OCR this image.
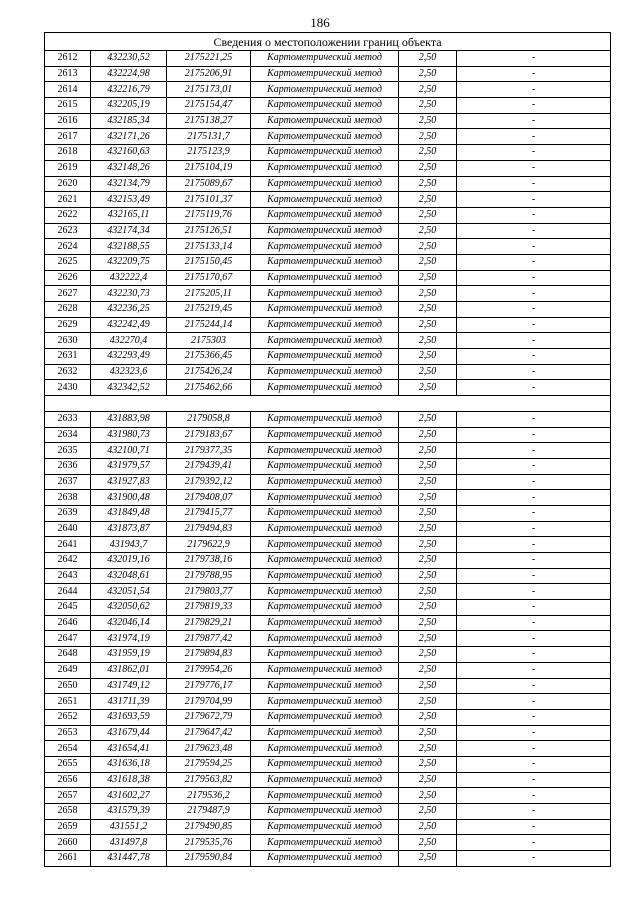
186
Сведения о местоположении границ объекта					
2612	432230,52	2175221,25	Картометрический метод	2,50	-
2613	432224,98	2175206,91	Картометрический метод	2,50	-
2614	432216,79	2175173,01	Картометрический метод	2,50	-
2615	432205,19	2175154,47	Картометрический метод	2,50	-
2616	432185,34	2175138,27	Картометрический метод	2,50	-
2617	432171,26	2175131,7	Картометрический метод	2,50	-
2618	432160,63	2175123,9	Картометрический метод	2,50	-
2619	432148,26	2175104,19	Картометрический метод	2,50	-
2620	432134,79	2175089,67	Картометрический метод	2,50	-
2621	432153,49	2175101,37	Картометрический метод	2,50	-
2622	432165,11	2175119,76	Картометрический метод	2,50	-
2623	432174,34	2175126,51	Картометрический метод	2,50	-
2624	432188,55	2175133,14	Картометрический метод	2,50	-
2625	432209,75	2175150,45	Картометрический метод	2,50	-
2626	432222,4	2175170,67	Картометрический метод	2,50	-
2627	432230,73	2175205,11	Картометрический метод	2,50	-
2628	432236,25	2175219,45	Картометрический метод	2,50	-
2629	432242,49	2175244,14	Картометрический метод	2,50	-
2630	432270,4	2175303	Картометрический метод	2,50	-
2631	432293,49	2175366,45	Картометрический метод	2,50	-
2632	432323,6	2175426,24	Картометрический метод	2,50	-
2430	432342,52	2175462,66	Картометрический метод	2,50	-

2633	431883,98	2179058,8	Картометрический метод	2,50	-
2634	431980,73	2179183,67	Картометрический метод	2,50	-
2635	432100,71	2179377,35	Картометрический метод	2,50	-
2636	431979,57	2179439,41	Картометрический метод	2,50	-
2637	431927,83	2179392,12	Картометрический метод	2,50	-
2638	431900,48	2179408,07	Картометрический метод	2,50	-
2639	431849,48	2179415,77	Картометрический метод	2,50	-
2640	431873,87	2179494,83	Картометрический метод	2,50	-
2641	431943,7	2179622,9	Картометрический метод	2,50	-
2642	432019,16	2179738,16	Картометрический метод	2,50	-
2643	432048,61	2179788,95	Картометрический метод	2,50	-
2644	432051,54	2179803,77	Картометрический метод	2,50	-
2645	432050,62	2179819,33	Картометрический метод	2,50	-
2646	432046,14	2179829,21	Картометрический метод	2,50	-
2647	431974,19	2179877,42	Картометрический метод	2,50	-
2648	431959,19	2179894,83	Картометрический метод	2,50	-
2649	431862,01	2179954,26	Картометрический метод	2,50	-
2650	431749,12	2179776,17	Картометрический метод	2,50	-
2651	431711,39	2179704,99	Картометрический метод	2,50	-
2652	431693,59	2179672,79	Картометрический метод	2,50	-
2653	431679,44	2179647,42	Картометрический метод	2,50	-
2654	431654,41	2179623,48	Картометрический метод	2,50	-
2655	431636,18	2179594,25	Картометрический метод	2,50	-
2656	431618,38	2179563,82	Картометрический метод	2,50	-
2657	431602,27	2179536,2	Картометрический метод	2,50	-
2658	431579,39	2179487,9	Картометрический метод	2,50	-
2659	431551,2	2179490,85	Картометрический метод	2,50	-
2660	431497,8	2179535,76	Картометрический метод	2,50	-
2661	431447,78	2179590,84	Картометрический метод	2,50	-
